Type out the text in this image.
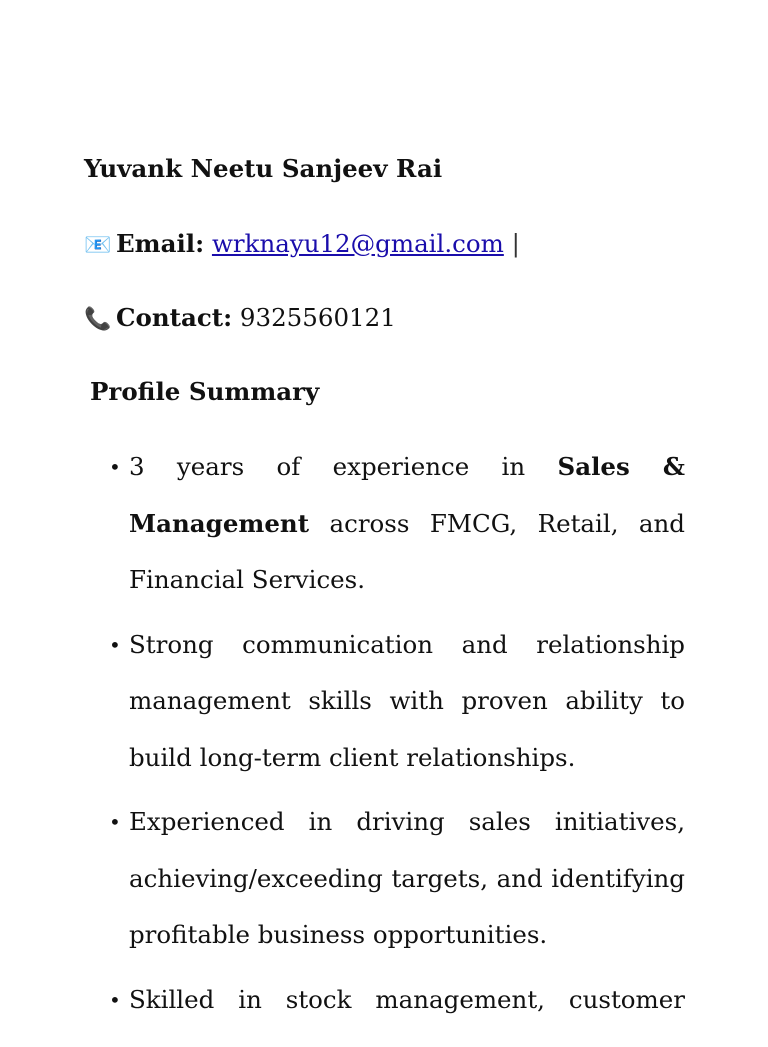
Yuvank Neetu Sanjeev Rai

📧 Email: wrknayu12@gmail.com |

📞 Contact: 9325560121

Profile Summary

• 3 years of experience in Sales & Management across FMCG, Retail, and Financial Services.
• Strong communication and relationship management skills with proven ability to build long-term client relationships.
• Experienced in driving sales initiatives, achieving/exceeding targets, and identifying profitable business opportunities.
• Skilled in stock management, customer
